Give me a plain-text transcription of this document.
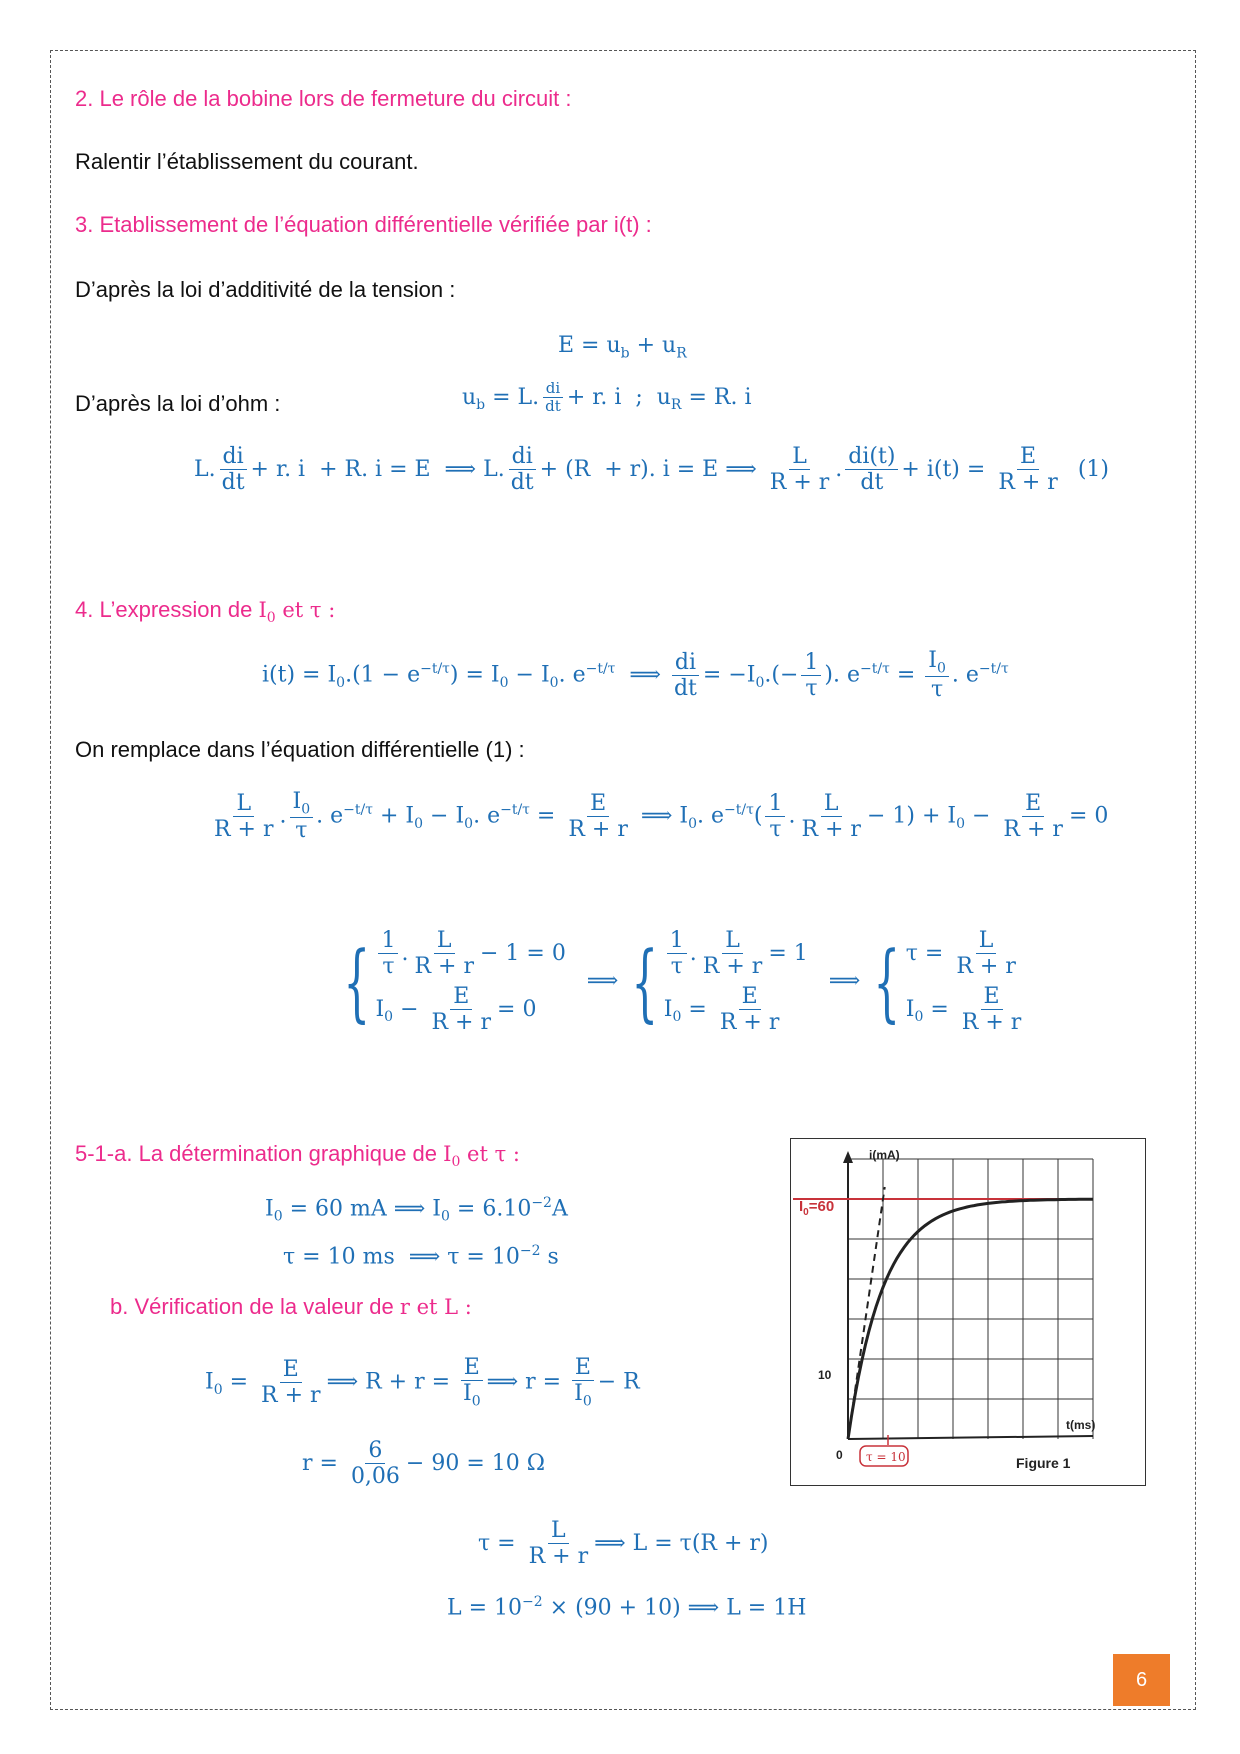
2. Le rôle de la bobine lors de fermeture du circuit :
Ralentir l’établissement du courant.
3. Etablissement de l’équation différentielle vérifiée par i(t) :
D’après la loi d’additivité de la tension :
$E = u_b + u_R$
D’après la loi d’ohm :	$u_b = L$. $\frac{di}{dt} + r$. i  ;  $u_R = R$. i
L. $\frac{di}{dt} + r$. i  + R. i = E  ⟹ L. $\frac{di}{dt} + (R + r)$. i = E ⟹ $\frac{L}{R + r}$ . $\frac{di(t)}{dt} + i(t) = \frac{E}{R + r} (1)$
4. L’expression de $I_0$ et τ :
$i(t) = I_0.(1 - e^{-t/\tau}) = I_0 - I_0$. $e^{-t/\tau}$  ⟹ $\frac{di}{dt} = -I_0.(- \frac{1}{\tau}$ ). $e^{-t/\tau} = \frac{I_0}{\tau}$ . $e^{-t/\tau}$
On remplace dans l’équation différentielle (1) :
$\frac{L}{R + r}$ . $\frac{I_0}{\tau}$ . $e^{-t/\tau} + I_0 - I_0$. $e^{-t/\tau} = \frac{E}{R + r}$ ⟹ $I_0$. $e^{-t/\tau}( \frac{1}{\tau}$ . $\frac{L}{R + r} - 1) + I_0 - \frac{E}{R + r} = 0$
{ $\frac{1}{\tau}$ . $\frac{L}{R + r} - 1 = 0$
$I_0 - \frac{E}{R + r} = 0$
⟹ { $\frac{1}{\tau}$ . $\frac{L}{R + r} = 1$
$I_0 = \frac{E}{R + r}$
⟹ { $\tau = \frac{L}{R + r}$
$I_0 = \frac{E}{R + r}$
5-1-a. La détermination graphique de $I_0$ et τ :
$I_0 = 60$ mA ⟹ $I_0 = 6.10^{-2}A$
τ = 10 ms  ⟹ $\tau = 10^{-2}$ s
b. Vérification de la valeur de r et L :
$I_0 = \frac{E}{R + r}$ ⟹ $R + r = \frac{E}{I_0}$ ⟹ $r = \frac{E}{I_0} - R$
$r = \frac{6}{0,06} - 90 = 10$ Ω
$\tau = \frac{L}{R + r}$ ⟹ L = τ(R + r)
$L = 10^{-2} \times (90 + 10)$ ⟹ L = 1H
i(mA)
t(ms)
10
0
$I_0=60$
τ = 10	Figure 1
6
